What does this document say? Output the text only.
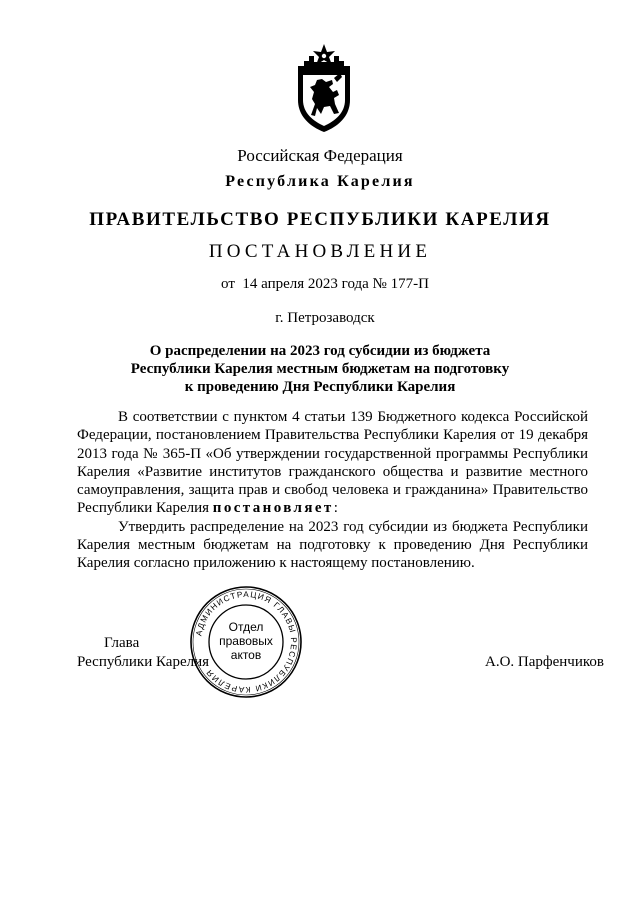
Российская Федерация
Республика Карелия
ПРАВИТЕЛЬСТВО РЕСПУБЛИКИ КАРЕЛИЯ
ПОСТАНОВЛЕНИЕ
от  14 апреля 2023 года № 177-П
г. Петрозаводск
О распределении на 2023 год субсидии из бюджета
Республики Карелия местным бюджетам на подготовку
к проведению Дня Республики Карелия

В соответствии с пунктом 4 статьи 139 Бюджетного кодекса Российской Федерации, постановлением Правительства Республики Карелия от 19 декабря 2013 года № 365-П «Об утверждении государственной программы Республики Карелия «Развитие институтов гражданского общества и развитие местного самоуправления, защита прав и свобод человека и гражданина» Правительство Республики Карелия постановляет:

Утвердить распределение на 2023 год субсидии из бюджета Республики Карелия местным бюджетам на подготовку к проведению Дня Республики Карелия согласно приложению к настоящему постановлению.

АДМИНИСТРАЦИЯ ГЛАВЫ РЕСПУБЛИКИ КАРЕЛИЯ
Отдел
правовых
актов
Глава
Республики Карелия	А.О. Парфенчиков
